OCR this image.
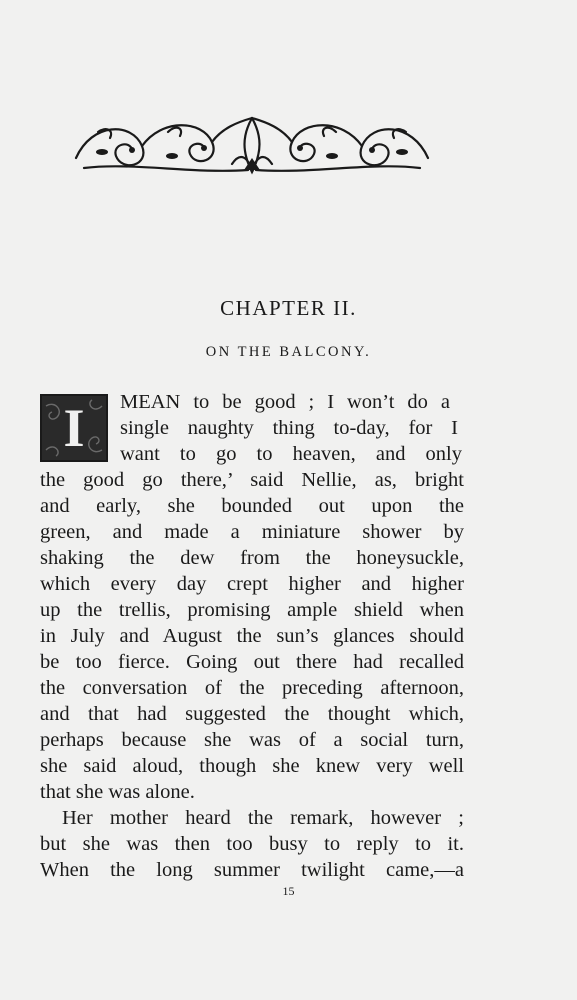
CHAPTER II.
ON THE BALCONY.
I	MEAN to be good ; I won’t do a

single naughty thing to-day, for I

want to go to heaven, and only

the good go there,’ said Nellie, as, bright

and early, she bounded out upon the

green, and made a miniature shower by

shaking the dew from the honeysuckle,

which every day crept higher and higher

up the trellis, promising ample shield when

in July and August the sun’s glances should

be too fierce. Going out there had recalled

the conversation of the preceding afternoon,

and that had suggested the thought which,

perhaps because she was of a social turn,

she said aloud, though she knew very well

that she was alone.

Her mother heard the remark, however ;

but she was then too busy to reply to it.

When the long summer twilight came,—a

15
